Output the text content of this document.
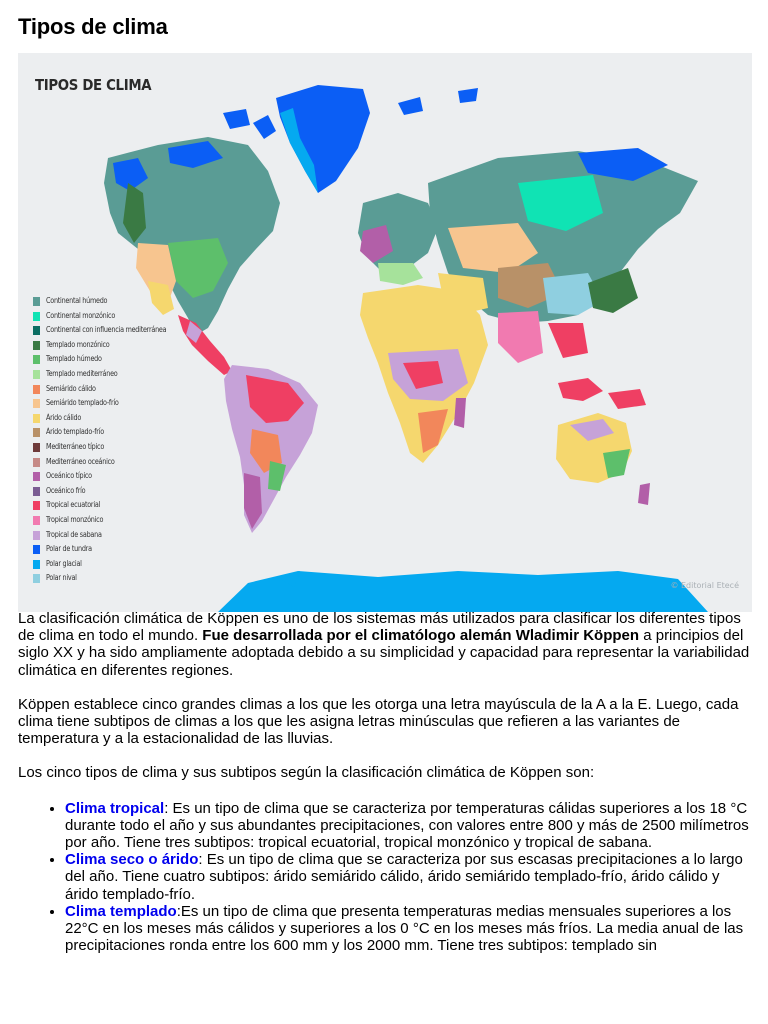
Tipos de clima
TIPOS DE CLIMA
Continental húmedo
Continental monzónico
Continental con influencia mediterránea
Templado monzónico
Templado húmedo
Templado mediterráneo
Semiárido cálido
Semiárido templado-frío
Árido cálido
Árido templado-frío
Mediterráneo típico
Mediterráneo oceánico
Oceánico típico
Oceánico frío
Tropical ecuatorial
Tropical monzónico
Tropical de sabana
Polar de tundra
Polar glacial
Polar nival
© Editorial Etecé

La clasificación climática de Köppen es uno de los sistemas más utilizados para clasificar los diferentes tipos de clima en todo el mundo. Fue desarrollada por el climatólogo alemán Wladimir Köppen a principios del siglo XX y ha sido ampliamente adoptada debido a su simplicidad y capacidad para representar la variabilidad climática en diferentes regiones.

Köppen establece cinco grandes climas a los que les otorga una letra mayúscula de la A a la E. Luego, cada clima tiene subtipos de climas a los que les asigna letras minúsculas que refieren a las variantes de temperatura y a la estacionalidad de las lluvias.

Los cinco tipos de clima y sus subtipos según la clasificación climática de Köppen son:

• Clima tropical: Es un tipo de clima que se caracteriza por temperaturas cálidas superiores a los 18 °C durante todo el año y sus abundantes precipitaciones, con valores entre 800 y más de 2500 milímetros por año. Tiene tres subtipos: tropical ecuatorial, tropical monzónico y tropical de sabana.
• Clima seco o árido: Es un tipo de clima que se caracteriza por sus escasas precipitaciones a lo largo del año. Tiene cuatro subtipos: árido semiárido cálido, árido semiárido templado-frío, árido cálido y árido templado-frío.
• Clima templado:Es un tipo de clima que presenta temperaturas medias mensuales superiores a los 22°C en los meses más cálidos y superiores a los 0 °C en los meses más fríos. La media anual de las precipitaciones ronda entre los 600 mm y los 2000 mm. Tiene tres subtipos: templado sin
